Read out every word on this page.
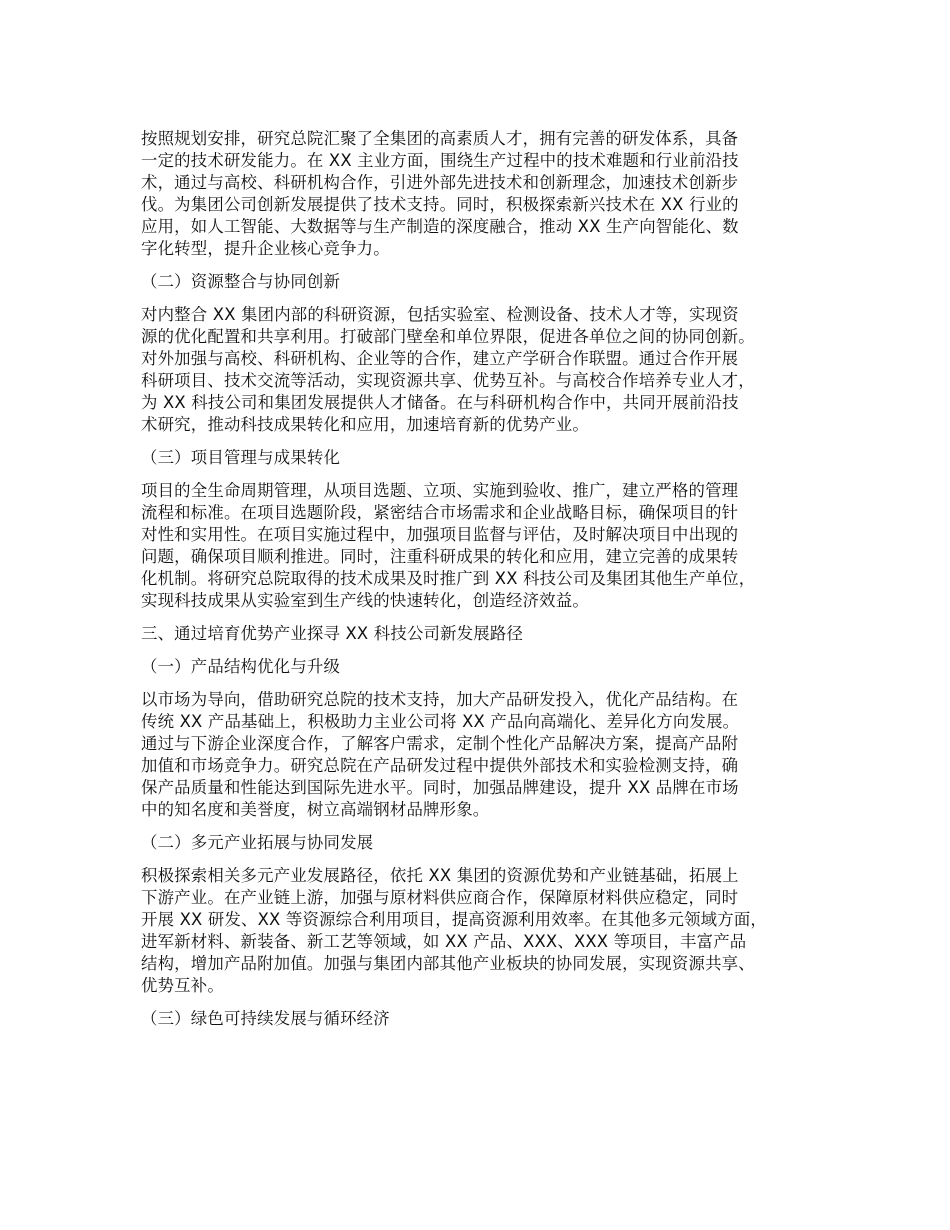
按照规划安排，研究总院汇聚了全集团的高素质人才，拥有完善的研发体系，具备
一定的技术研发能力。在 XX 主业方面，围绕生产过程中的技术难题和行业前沿技
术，通过与高校、科研机构合作，引进外部先进技术和创新理念，加速技术创新步
伐。为集团公司创新发展提供了技术支持。同时，积极探索新兴技术在 XX 行业的
应用，如人工智能、大数据等与生产制造的深度融合，推动 XX 生产向智能化、数
字化转型，提升企业核心竞争力。
（二）资源整合与协同创新
对内整合 XX 集团内部的科研资源，包括实验室、检测设备、技术人才等，实现资
源的优化配置和共享利用。打破部门壁垒和单位界限，促进各单位之间的协同创新。
对外加强与高校、科研机构、企业等的合作，建立产学研合作联盟。通过合作开展
科研项目、技术交流等活动，实现资源共享、优势互补。与高校合作培养专业人才，
为 XX 科技公司和集团发展提供人才储备。在与科研机构合作中，共同开展前沿技
术研究，推动科技成果转化和应用，加速培育新的优势产业。
（三）项目管理与成果转化
项目的全生命周期管理，从项目选题、立项、实施到验收、推广，建立严格的管理
流程和标准。在项目选题阶段，紧密结合市场需求和企业战略目标，确保项目的针
对性和实用性。在项目实施过程中，加强项目监督与评估，及时解决项目中出现的
问题，确保项目顺利推进。同时，注重科研成果的转化和应用，建立完善的成果转
化机制。将研究总院取得的技术成果及时推广到 XX 科技公司及集团其他生产单位，
实现科技成果从实验室到生产线的快速转化，创造经济效益。
三、通过培育优势产业探寻 XX 科技公司新发展路径
（一）产品结构优化与升级
以市场为导向，借助研究总院的技术支持，加大产品研发投入，优化产品结构。在
传统 XX 产品基础上，积极助力主业公司将 XX 产品向高端化、差异化方向发展。
通过与下游企业深度合作，了解客户需求，定制个性化产品解决方案，提高产品附
加值和市场竞争力。研究总院在产品研发过程中提供外部技术和实验检测支持，确
保产品质量和性能达到国际先进水平。同时，加强品牌建设，提升 XX 品牌在市场
中的知名度和美誉度，树立高端钢材品牌形象。
（二）多元产业拓展与协同发展
积极探索相关多元产业发展路径，依托 XX 集团的资源优势和产业链基础，拓展上
下游产业。在产业链上游，加强与原材料供应商合作，保障原材料供应稳定，同时
开展 XX 研发、XX 等资源综合利用项目，提高资源利用效率。在其他多元领域方面，
进军新材料、新装备、新工艺等领域，如 XX 产品、XXX、XXX 等项目，丰富产品
结构，增加产品附加值。加强与集团内部其他产业板块的协同发展，实现资源共享、
优势互补。
（三）绿色可持续发展与循环经济
